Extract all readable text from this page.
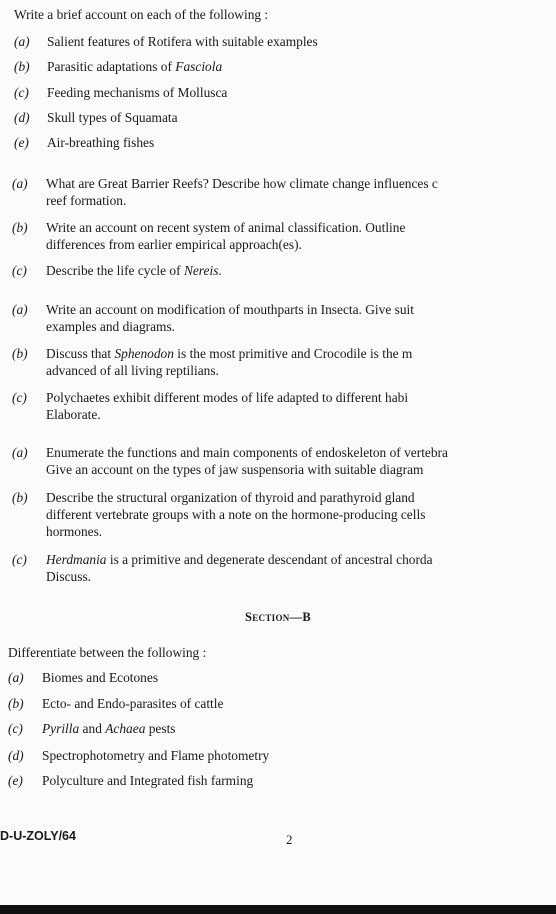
Write a brief account on each of the following :
(a) Salient features of Rotifera with suitable examples
(b) Parasitic adaptations of Fasciola
(c) Feeding mechanisms of Mollusca
(d) Skull types of Squamata
(e) Air-breathing fishes
(a) What are Great Barrier Reefs? Describe how climate change influences c
reef formation.
(b) Write an account on recent system of animal classification. Outline
differences from earlier empirical approach(es).
(c) Describe the life cycle of Nereis.
(a) Write an account on modification of mouthparts in Insecta. Give suit
examples and diagrams.
(b) Discuss that Sphenodon is the most primitive and Crocodile is the m
advanced of all living reptilians.
(c) Polychaetes exhibit different modes of life adapted to different habi
Elaborate.
(a) Enumerate the functions and main components of endoskeleton of vertebra
Give an account on the types of jaw suspensoria with suitable diagram
(b) Describe the structural organization of thyroid and parathyroid gland
different vertebrate groups with a note on the hormone-producing cells
hormones.
(c) Herdmania is a primitive and degenerate descendant of ancestral chorda
Discuss.
Section—B
Differentiate between the following :
(a) Biomes and Ecotones
(b) Ecto- and Endo-parasites of cattle
(c) Pyrilla and Achaea pests
(d) Spectrophotometry and Flame photometry
(e) Polyculture and Integrated fish farming
D-U-ZOLY/64	2
